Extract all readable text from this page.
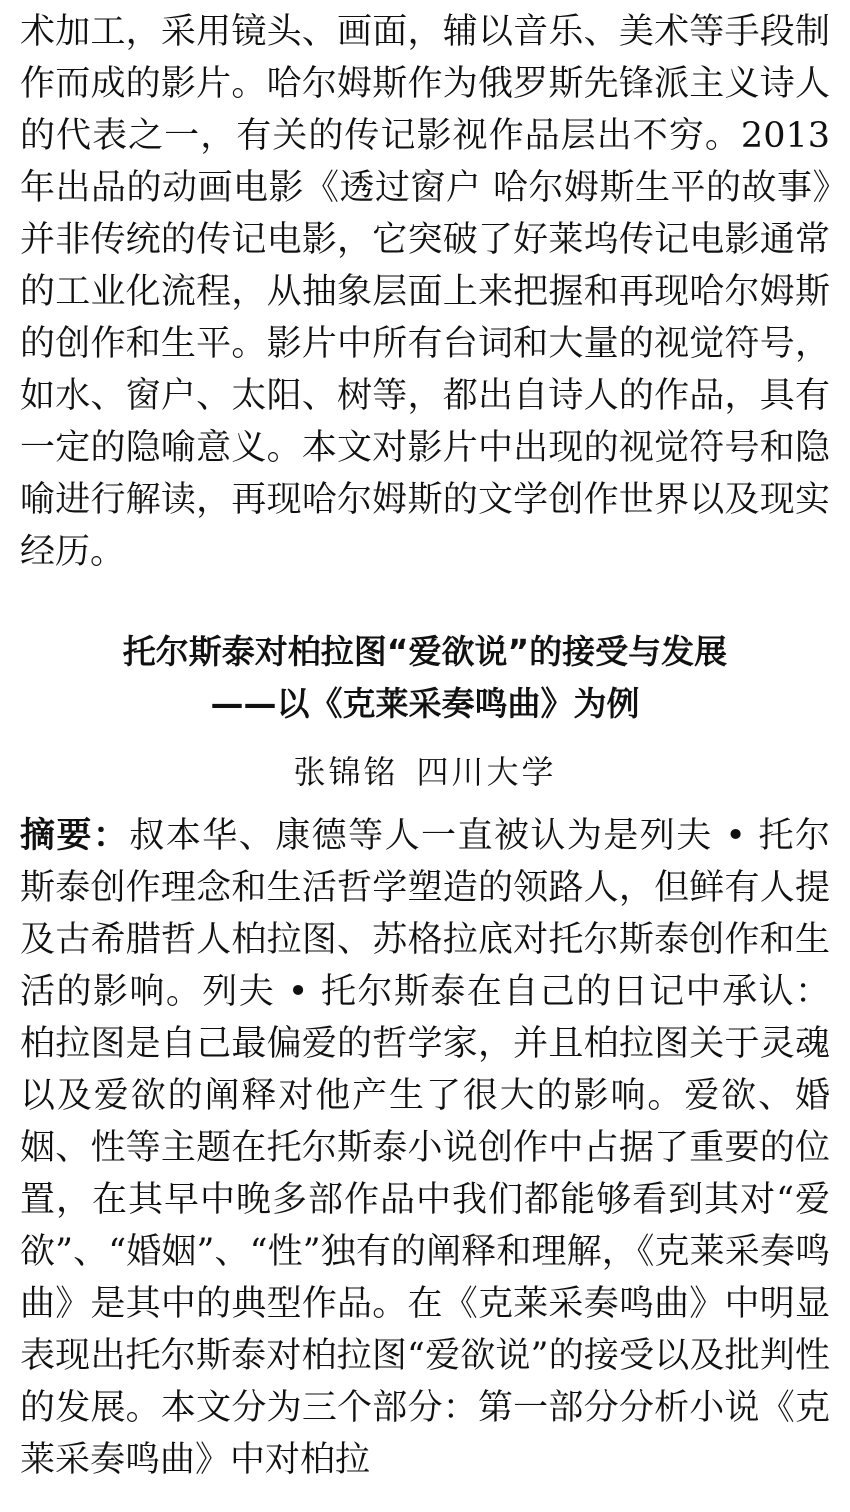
术加工，采用镜头、画面，辅以音乐、美术等手段制作而成的影片。哈尔姆斯作为俄罗斯先锋派主义诗人的代表之一，有关的传记影视作品层出不穷。2013 年出品的动画电影《透过窗户 哈尔姆斯生平的故事》并非传统的传记电影，它突破了好莱坞传记电影通常的工业化流程，从抽象层面上来把握和再现哈尔姆斯的创作和生平。影片中所有台词和大量的视觉符号，如水、窗户、太阳、树等，都出自诗人的作品，具有一定的隐喻意义。本文对影片中出现的视觉符号和隐喻进行解读，再现哈尔姆斯的文学创作世界以及现实经历。

托尔斯泰对柏拉图“爱欲说”的接受与发展
——以《克莱采奏鸣曲》为例
张锦铭 四川大学

摘要：叔本华、康德等人一直被认为是列夫 • 托尔斯泰创作理念和生活哲学塑造的领路人，但鲜有人提及古希腊哲人柏拉图、苏格拉底对托尔斯泰创作和生活的影响。列夫 • 托尔斯泰在自己的日记中承认：柏拉图是自己最偏爱的哲学家，并且柏拉图关于灵魂以及爱欲的阐释对他产生了很大的影响。爱欲、婚姻、性等主题在托尔斯泰小说创作中占据了重要的位置，在其早中晚多部作品中我们都能够看到其对“爱欲”、“婚姻”、“性”独有的阐释和理解，《克莱采奏鸣曲》是其中的典型作品。在《克莱采奏鸣曲》中明显表现出托尔斯泰对柏拉图“爱欲说”的接受以及批判性的发展。本文分为三个部分：第一部分分析小说《克莱采奏鸣曲》中对柏拉
